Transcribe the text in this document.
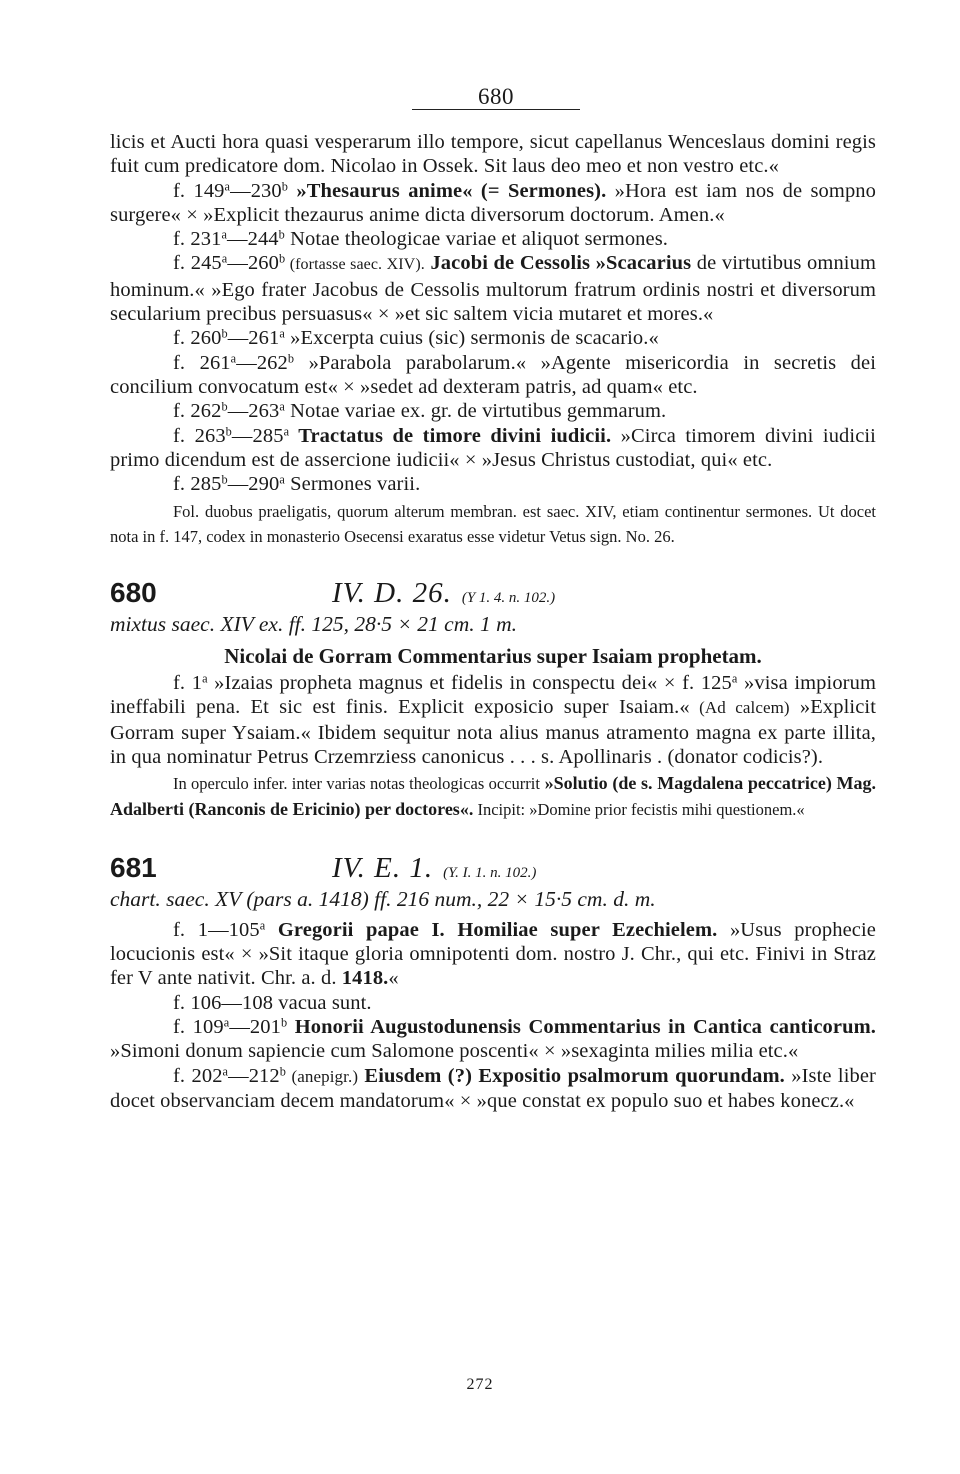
680

licis et Aucti hora quasi vesperarum illo tempore, sicut capellanus Wenceslaus domini regis fuit cum predicatore dom. Nicolao in Ossek. Sit laus deo meo et non vestro etc.«

f. 149$^a$—230$^b$ »Thesaurus anime« (= Sermones). »Hora est iam nos de sompno surgere« × »Explicit thezaurus anime dicta diversorum doctorum. Amen.«

f. 231$^a$—244$^b$ Notae theologicae variae et aliquot sermones.

f. 245$^a$—260$^b$ (fortasse saec. XIV). Jacobi de Cessolis »Scacarius de virtutibus omnium hominum.« »Ego frater Jacobus de Cessolis multorum fratrum ordinis nostri et diversorum secularium precibus persuasus« × »et sic saltem vicia mutaret et mores.«

f. 260$^b$—261$^a$ »Excerpta cuius (sic) sermonis de scacario.«

f. 261$^a$—262$^b$ »Parabola parabolarum.« »Agente misericordia in secretis dei concilium convocatum est« × »sedet ad dexteram patris, ad quam« etc.

f. 262$^b$—263$^a$ Notae variae ex. gr. de virtutibus gemmarum.

f. 263$^b$—285$^a$ Tractatus de timore divini iudicii. »Circa timorem divini iudicii primo dicendum est de assercione iudicii« × »Jesus Christus custodiat, qui« etc.

f. 285$^b$—290$^a$ Sermones varii.

Fol. duobus praeligatis, quorum alterum membran. est saec. XIV, etiam continentur sermones. Ut docet nota in f. 147, codex in monasterio Osecensi exaratus esse videtur Vetus sign. No. 26.

680	IV. D. 26. (Y 1. 4. n. 102.)

mixtus saec. XIV ex. ff. 125, 28·5 × 21 cm. 1 m.

Nicolai de Gorram Commentarius super Isaiam prophetam.

f. 1$^a$ »Izaias propheta magnus et fidelis in conspectu dei« × f. 125$^a$ »visa impiorum ineffabili pena. Et sic est finis. Explicit exposicio super Isaiam.« (Ad calcem) »Explicit Gorram super Ysaiam.« Ibidem sequitur nota alius manus atramento magna ex parte illita, in qua nominatur Petrus Crzemrziess canonicus . . . s. Apollinaris . (donator codicis?).

In operculo infer. inter varias notas theologicas occurrit »Solutio (de s. Magdalena peccatrice) Mag. Adalberti (Ranconis de Ericinio) per doctores«. Incipit: »Domine prior fecistis mihi questionem.«

681	IV. E. 1. (Y. I. 1. n. 102.)

chart. saec. XV (pars a. 1418) ff. 216 num., 22 × 15·5 cm. d. m.

f. 1—105$^a$ Gregorii papae I. Homiliae super Ezechielem. »Usus prophecie locucionis est« × »Sit itaque gloria omnipotenti dom. nostro J. Chr., qui etc. Finivi in Straz fer V ante nativit. Chr. a. d. 1418.«

f. 106—108 vacua sunt.

f. 109$^a$—201$^b$ Honorii Augustodunensis Commentarius in Cantica canticorum. »Simoni donum sapiencie cum Salomone poscenti« × »sexaginta milies milia etc.«

f. 202$^a$—212$^b$ (anepigr.) Eiusdem (?) Expositio psalmorum quorundam. »Iste liber docet observanciam decem mandatorum« × »que constat ex populo suo et habes konecz.«

272
